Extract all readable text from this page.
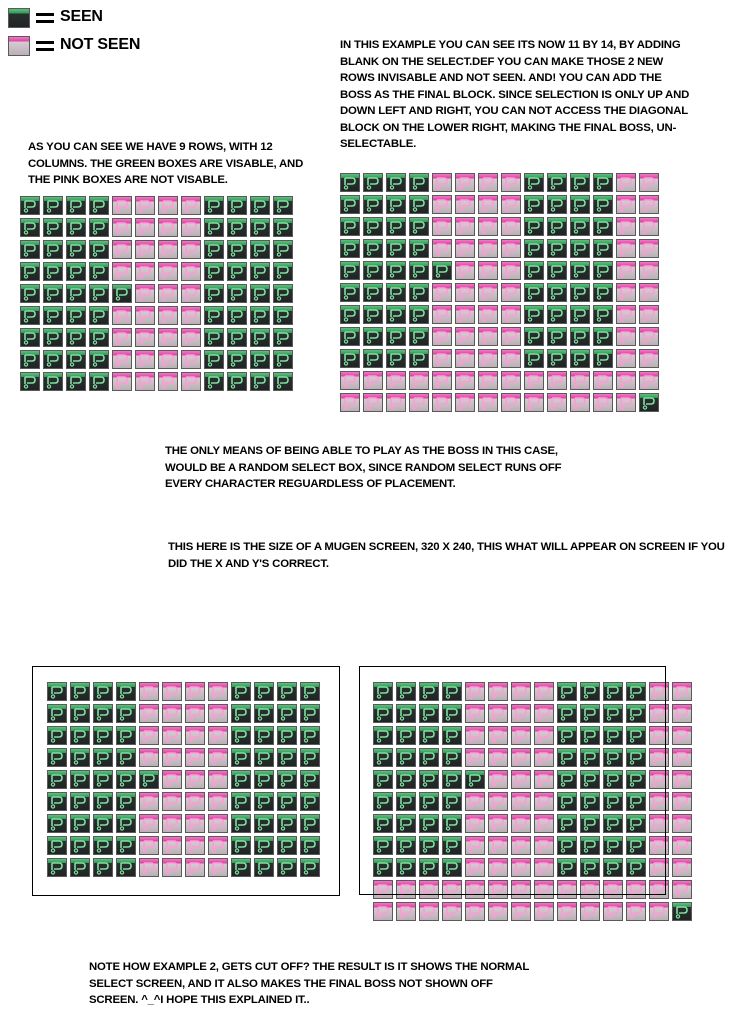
SEEN
NOT SEEN	IN THIS EXAMPLE YOU CAN SEE ITS NOW 11 BY 14, BY ADDING BLANK ON THE SELECT.DEF YOU CAN MAKE THOSE 2 NEW ROWS INVISABLE AND NOT SEEN. AND! YOU CAN ADD THE BOSS AS THE FINAL BLOCK. SINCE SELECTION IS ONLY UP AND DOWN LEFT AND RIGHT, YOU CAN NOT ACCESS THE DIAGONAL BLOCK ON THE LOWER RIGHT, MAKING THE FINAL BOSS, UN-SELECTABLE.

AS YOU CAN SEE WE HAVE 9 ROWS, WITH 12 COLUMNS. THE GREEN BOXES ARE VISABLE, AND THE PINK BOXES ARE NOT VISABLE.

THE ONLY MEANS OF BEING ABLE TO PLAY AS THE BOSS IN THIS CASE, WOULD BE A RANDOM SELECT BOX, SINCE RANDOM SELECT RUNS OFF EVERY CHARACTER REGUARDLESS OF PLACEMENT.

THIS HERE IS THE SIZE OF A MUGEN SCREEN, 320 X 240, THIS WHAT WILL APPEAR ON SCREEN IF YOU DID THE X AND Y'S CORRECT.

NOTE HOW EXAMPLE 2, GETS CUT OFF? THE RESULT IS IT SHOWS THE NORMAL SELECT SCREEN, AND IT ALSO MAKES THE FINAL BOSS NOT SHOWN OFF SCREEN. ^_^I HOPE THIS EXPLAINED IT..
